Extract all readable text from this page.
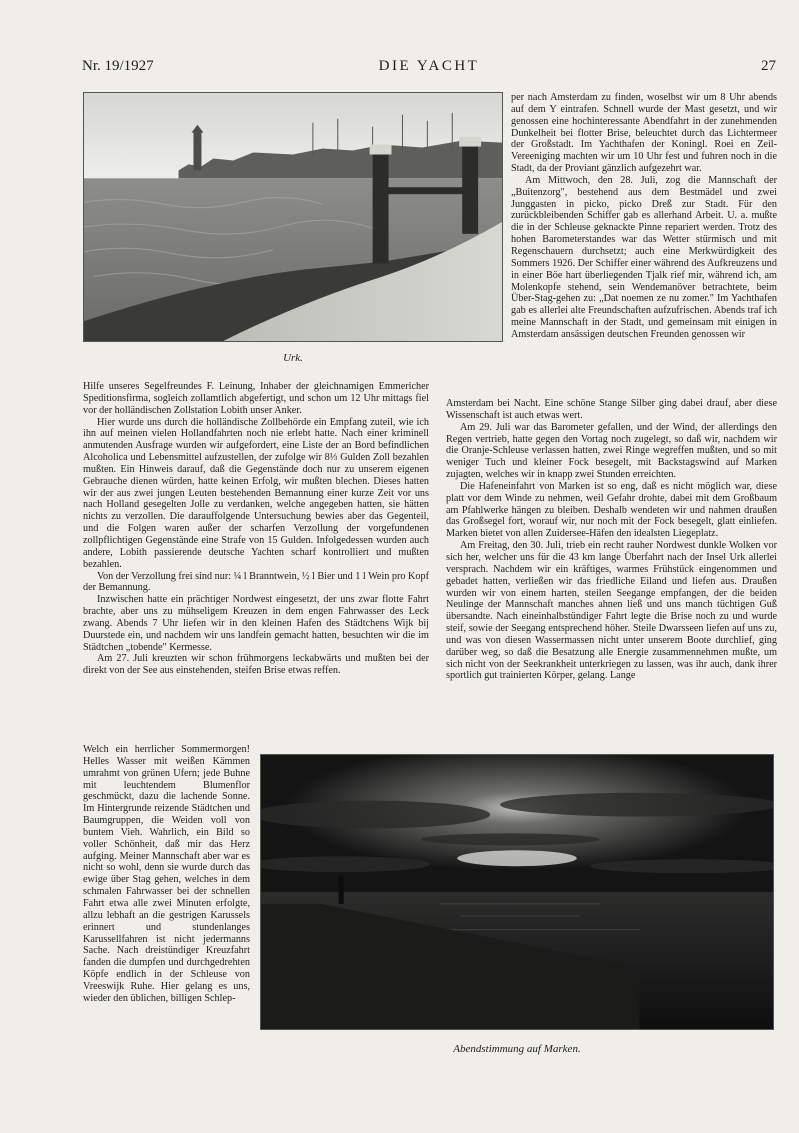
Nr. 19/1927	DIE YACHT	27
Urk.

per nach Amsterdam zu finden, woselbst wir um 8 Uhr abends auf dem Y eintrafen. Schnell wurde der Mast gesetzt, und wir genossen eine hochinteressante Abendfahrt in der zunehmenden Dunkelheit bei flotter Brise, beleuchtet durch das Lichtermeer der Großstadt. Im Yachthafen der Koningl. Roei en Zeil-Vereeniging machten wir um 10 Uhr fest und fuhren noch in die Stadt, da der Proviant gänzlich aufgezehrt war.

Am Mittwoch, den 28. Juli, zog die Mannschaft der „Buitenzorg", bestehend aus dem Bestmädel und zwei Junggasten in picko, picko Dreß zur Stadt. Für den zurückbleibenden Schiffer gab es allerhand Arbeit. U. a. mußte die in der Schleuse geknackte Pinne repariert werden. Trotz des hohen Barometerstandes war das Wetter stürmisch und mit Regenschauern durchsetzt; auch eine Merkwürdigkeit des Sommers 1926. Der Schiffer einer während des Aufkreuzens und in einer Böe hart überliegenden Tjalk rief mir, während ich, am Molenkopfe stehend, sein Wendemanöver betrachtete, beim Über-Stag-gehen zu: „Dat noemen ze nu zomer." Im Yachthafen gab es allerlei alte Freundschaften aufzufrischen. Abends traf ich meine Mannschaft in der Stadt, und gemeinsam mit einigen in Amsterdam ansässigen deutschen Freunden genossen wir

Hilfe unseres Segelfreundes F. Leinung, Inhaber der gleichnamigen Emmericher Speditionsfirma, sogleich zollamtlich abgefertigt, und schon um 12 Uhr mittags fiel vor der holländischen Zollstation Lobith unser Anker.

Hier wurde uns durch die holländische Zollbehörde ein Empfang zuteil, wie ich ihn auf meinen vielen Hollandfahrten noch nie erlebt hatte. Nach einer kriminell anmutenden Ausfrage wurden wir aufgefordert, eine Liste der an Bord befindlichen Alcoholica und Lebensmittel aufzustellen, der zufolge wir 8⅓ Gulden Zoll bezahlen mußten. Ein Hinweis darauf, daß die Gegenstände doch nur zu unserem eigenen Gebrauche dienen würden, hatte keinen Erfolg, wir mußten blechen. Dieses hatten wir der aus zwei jungen Leuten bestehenden Bemannung einer kurze Zeit vor uns nach Holland gesegelten Jolle zu verdanken, welche angegeben hatten, sie hätten nichts zu verzollen. Die darauffolgende Untersuchung bewies aber das Gegenteil, und die Folgen waren außer der scharfen Verzollung der vorgefundenen zollpflichtigen Gegenstände eine Strafe von 15 Gulden. Infolgedessen wurden auch andere, Lobith passierende deutsche Yachten scharf kontrolliert und mußten bezahlen.

Von der Verzollung frei sind nur: ¼ l Branntwein, ½ l Bier und 1 l Wein pro Kopf der Bemannung.

Inzwischen hatte ein prächtiger Nordwest eingesetzt, der uns zwar flotte Fahrt brachte, aber uns zu mühseligem Kreuzen in dem engen Fahrwasser des Leck zwang. Abends 7 Uhr liefen wir in den kleinen Hafen des Städtchens Wijk bij Duurstede ein, und nachdem wir uns landfein gemacht hatten, besuchten wir die im Städtchen „tobende" Kermesse.

Am 27. Juli kreuzten wir schon frühmorgens leckabwärts und mußten bei der direkt von der See aus einstehenden, steifen Brise etwas reffen.

Welch ein herrlicher Sommermorgen! Helles Wasser mit weißen Kämmen umrahmt von grünen Ufern; jede Buhne mit leuchtendem Blumenflor geschmückt, dazu die lachende Sonne. Im Hintergrunde reizende Städtchen und Baumgruppen, die Weiden voll von buntem Vieh. Wahrlich, ein Bild so voller Schönheit, daß mir das Herz aufging. Meiner Mannschaft aber war es nicht so wohl, denn sie wurde durch das ewige über Stag gehen, welches in dem schmalen Fahrwasser bei der schnellen Fahrt etwa alle zwei Minuten erfolgte, allzu lebhaft an die gestrigen Karussels erinnert und stundenlanges Karussellfahren ist nicht jedermanns Sache. Nach dreistündiger Kreuzfahrt fanden die dumpfen und durchgedrehten Köpfe endlich in der Schleuse von Vreeswijk Ruhe. Hier gelang es uns, wieder den üblichen, billigen Schlep-

Amsterdam bei Nacht. Eine schöne Stange Silber ging dabei drauf, aber diese Wissenschaft ist auch etwas wert.

Am 29. Juli war das Barometer gefallen, und der Wind, der allerdings den Regen vertrieb, hatte gegen den Vortag noch zugelegt, so daß wir, nachdem wir die Oranje-Schleuse verlassen hatten, zwei Ringe wegreffen mußten, und so mit weniger Tuch und kleiner Fock besegelt, mit Backstagswind auf Marken zujagten, welches wir in knapp zwei Stunden erreichten.

Die Hafeneinfahrt von Marken ist so eng, daß es nicht möglich war, diese platt vor dem Winde zu nehmen, weil Gefahr drohte, dabei mit dem Großbaum am Pfahlwerke hängen zu bleiben. Deshalb wendeten wir und nahmen draußen das Großsegel fort, worauf wir, nur noch mit der Fock besegelt, glatt einliefen. Marken bietet von allen Zuidersee-Häfen den idealsten Liegeplatz.

Am Freitag, den 30. Juli, trieb ein recht rauher Nordwest dunkle Wolken vor sich her, welcher uns für die 43 km lange Überfahrt nach der Insel Urk allerlei versprach. Nachdem wir ein kräftiges, warmes Frühstück eingenommen und gebadet hatten, verließen wir das friedliche Eiland und liefen aus. Draußen wurden wir von einem harten, steilen Seegange empfangen, der die beiden Neulinge der Mannschaft manches ahnen ließ und uns manch tüchtigen Guß übersandte. Nach eineinhalbstündiger Fahrt legte die Brise noch zu und wurde steif, sowie der Seegang entsprechend höher. Steile Dwarsseen liefen auf uns zu, und was von diesen Wassermassen nicht unter unserem Boote durchlief, ging darüber weg, so daß die Besatzung alle Energie zusammennehmen mußte, um sich nicht von der Seekrankheit unterkriegen zu lassen, was ihr auch, dank ihrer sportlich gut trainierten Körper, gelang. Lange

Abendstimmung auf Marken.
